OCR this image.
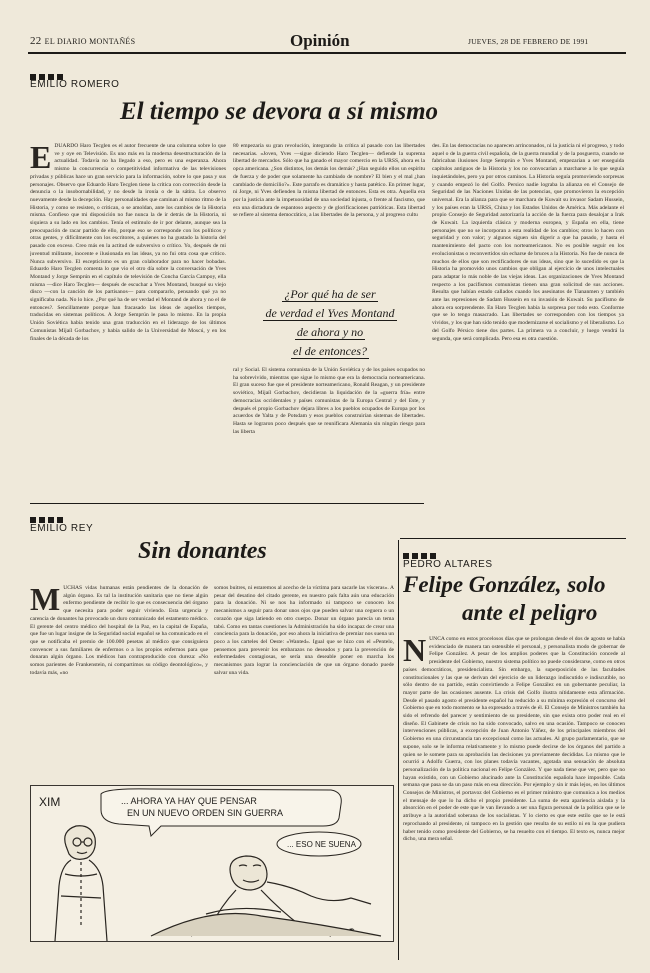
22 EL DIARIO MONTAÑÉS	Opinión	JUEVES, 28 DE FEBRERO DE 1991
EMILIO ROMERO
El tiempo se devora a sí mismo
E DUARDO Haro Tecglen es el autor frecuente de una columna sobre lo que ve y oye en Televisión. Es uno más en la moderna desestructuración de la actualidad. Todavía no ha llegado a eso, pero es una esperanza. Ahora mismo la concurrencia o competitividad informativa de las televisiones privadas y públicas hace un gran servicio para la información, sobre lo que pasa y sus personajes. Observo que Eduardo Haro Tecglen tiene la crítica con corrección desde la denuncia o la insobornabilidad, y no desde la ironía o de la sátira. Lo observo nuevamente desde la decepción. Hay personalidades que caminan al mismo ritmo de la Historia, y como se resisten, o critican, o se amoldan, ante los cambios de la Historia misma. Confieso que mi disposición no fue nunca la de ir detrás de la Historia, ni siquiera a su lado en los cambios. Tenía el estímulo de ir por delante, aunque sea la preocupación de racar partido de ello, porque eso se corresponde con los políticos y otras gentes, y difícilmente con los escritores, a quienes no ha gustado la historia del pasado con exceso. Creo más en la actitud de subversivo o crítico. Yo, después de mi juventud militante, inocente e ilusionada en las ideas, ya no fui otra cosa que crítico. Nunca subversivo. El escepticismo es un gran colaborador para no hacer bobadas. Eduardo Haro Tecglen comenta lo que vio el otro día sobre la conversación de Yves Montand y Jorge Semprún en el capítulo de televisión de Concha García Campoy, ella misma —dice Haro Tecglen— después de escuchar a Yves Montand, busqué su viejo disco —con la canción de los partisanos— para compararlo, pensando qué ya no significaba nada. No lo hice. ¿Por qué ha de ser verdad el Montand de ahora y no el de entonces?. Sencillamente porque han fracasado las ideas de aquellos tiempos, traducidas en sistemas políticos. A Jorge Semprún le pasa lo mismo. En la propia Unión Soviética había tenido una gran traducción en el liderazgo de los últimos Comunistas Mijaíl Gorbachov, y había salido de la Universidad de Moscú, y en los finales de la década de los

80 empezaría su gran revolución, integrando la crítica al pasado con las libertades necesarias. «Joven, Yves —sigue diciendo Haro Tecglen— defiende la suprema libertad de mercados. Sólo que ha ganado el mayor comercio en la URSS, ahora es la opca americana. ¿Son distintos, los demás los demás? ¿Han seguido ellos un espíritu de fuerza y de poder que solamente ha cambiado de nombre? El bien y el mal ¿han cambiado de domicilio?». Este parrafo es dramático y hasta patético. En primer lugar, ni Jorge, ni Yves defienden la misma libertad de entonces. Esta es otra. Aquella era por la justicia ante la impetuosidad de una sociedad injusta, o frente al fascismo, que era una dictadura de espantoso aspecto y de glorificaciones patrióticas. Esta libertad se refiere al sistema democrático, a las libertades de la persona, y al progreso cultu

¿Por qué ha de ser
de verdad el Yves Montand
de ahora y no
el de entonces?

ral y Social. El sistema comunista de la Unión Soviética y de los países ocupados no ha sobrevivido, mientras que sigue lo mismo que era la democracia norteamericana. El gran suceso fue que el presidente norteamericano, Ronald Reagan, y un presidente soviético, Mijaíl Gorbachov, decidieran la liquidación de la «guerra fría» entre democracias occidentales y países comunistas de la Europa Central y del Este, y después el propio Gorbachov dejara libres a los pueblos ocupados de Europa por los acuerdos de Yalta y de Potsdam y esos pueblos construirían sistemas de libertades. Hasta se lograron poco después que se reunificara Alemania sin ningún riesgo para las liberta

des. En las democracias no aparecen arrinconados, ni la justicia ni el progreso, y todo aquel o de la guerra civil española, de la guerra mundial y de la posguerra, cuando se fabricaban ilusiones Jorge Semprún e Yves Montand, empezarían a ser enseguida capítulos antiguos de la Historia y los no convocarían a marcharse a lo que seguía inquietándoles, pero ya por otros caminos. La Historia seguía promoviendo sorpresas y cuando empezó lo del Golfo. Persico nadie lograba la alianza en el Consejo de Seguridad de las Naciones Unidas de las potencias, que promovieron la excepción universal. Era la alianza para que se marchara de Kuwait su invasor Sadam Hussein, y los países eran la URSS, China y los Estados Unidos de América. Más adelante el propio Consejo de Seguridad autorizaría la acción de la fuerza para desalojar a Irak de Kuwait. La izquierda clásica y moderna europea, y España en ella, tiene personajes que no se incorporan a esta realidad de los cambios; otros lo hacen con seguridad y con valor; y algunos siguen sin digerir a que ha pasado, y hasta el mantenimiento del pacto con los norteamericanos. No es posible seguir en los evolucionistas o reconvertidos sin echarse de bruces a la Historia. No fue de nunca de muchos de ellos que son rectificadores de sus ideas, sino que lo sucedido es que la Historia ha promovido unos cambios que obligan al ejercicio de unos intelectuales para adaptar lo más noble de las viejas ideas. Las organizaciones de Yves Montand respecto a los pacifismos comunistas tienen una gran solicitud de sus acciones. Resulta que habían estado callados cuando los asesinatos de Tiananmen y también ante las represiones de Sadam Hussein en su invasión de Kuwait. Su pacifismo de ahora era sorprendente. En Haro Tecglen había la sorpresa por todo esto. Conforme que se lo tengo masacrado. Las libertades se corresponden con los tiempos ya vividos, y los que han sido tenido que modernizarse el socialismo y el liberalismo. Lo del Golfo Pérsico tiene dos partes. La primera va a concluir, y luego vendrá la segunda, que será complicada. Pero esa es otra cuestión.

EMILIO REY
Sin donantes
M UCHAS vidas humanas están pendientes de la donación de algún órgano. Es tal la institución sanitaria que no tiene algún enfermo pendiente de recibir lo que es consecuencia del órgano que necesita para poder seguir viviendo. Esta urgencia y carencia de donantes ha provocado un duro comunicado del estamento médico. El gerente del centro médico del hospital de la Paz, en la capital de España, que fue un lugar insigne de la Seguridad social español se ha comunicado en el que se notificaba el premio de 100.000 pesetas al médico que consiguiera convencer a sus familiares de enfermos o a los propios enfermos para que donaran algún órgano. Los médicos han contraproducido con dureza: «No somos parientes de Frankenstein, ni compartimos su código deontológico», y todavía más, «no

somos buitres, ni estaremos al acecho de la víctima para sacarle las vísceras». A pesar del desatino del citado gerente, en nuestro país falta aún una educación para la donación. Ni se nos ha informado ni tampoco se conocen los mecanismos a seguir para donar unos ojos que pueden salvar una ceguera o un corazón que siga latiendo en otro cuerpo. Donar un órgano parecía un tema tabú. Como en tantas cuestiones la Administración ha sido incapaz de crear una conciencia para la donación, por eso ahora la iniciativa de premiar nos suena un poco a los carteles del Oeste: «Wanted». Igual que se hizo con el «Pentelo, pensemos para prevenir los embarazos no deseados y para la prevención de enfermedades contagiosas, se sería una deseable poner en marcha los mecanismos para lograr la concienciación de que un órgano donado puede salvar una vida.

... AHORA YA HAY QUE PENSAR
EN UN NUEVO ORDEN SIN GUERRA
... ESO NE SUENA
XIM
✒
PEDRO ALTARES
Felipe González, solo
ante el peligro
N UNCA como en estos procelosos días que se prolongan desde el dos de agosto se había evidenciado de manera tan ostensible el personal, y personalista modo de gobernar de Felipe González. A pesar de los amplios poderes que la Constitución concede al presidente del Gobierno, nuestro sistema político no puede considerarse, como en otros países democráticos, presidencialista. Sin embargo, la superposición de las facultades constitucionales y las que se derivan del ejercicio de un liderazgo indiscutido e indiscutible, no sólo dentro de su partido, están convirtiendo a Felipe González en un gobernante peculiar, la mayor parte de las ocasiones ausente. La crisis del Golfo ilustra nítidamente esta afirmación. Desde el pasado agosto el presidente español ha reducido a su mínima expresión el concurso del Gobierno que en todo momento se ha expresado a través de él. El Consejo de Ministros también ha sido el refrendo del parecer y sentimiento de su presidente, sin que exista otro poder real en el diseño. El Gabinete de crisis no ha sido convocado, salvo en una ocasión. Tampoco se conocen intervenciones públicas, a excepción de Juan Antonio Yáñez, de los principales miembros del Gobierno en una circunstancia tan excepcional como las actuales. Al grupo parlamentario, que se supone, solo se le informa relativamente y lo mismo puede decirse de los órganos del partido a quien se le somete para su aprobación las decisiones ya previamente decididas. Lo mismo que le ocurrió a Adolfo Guerra, con los planes todavía vacantes, agotada una sensación de absoluta personalización de la política nacional en Felipe González. Y que nada tiene que ver, pero que no hayan existido, con un Gobierno alucinado ante la Constitución española hace imposible. Cada semana que pasa se da un paso más en esa dirección. Por ejemplo y sin ir más lejos, en los últimos Consejos de Ministros, el portavoz del Gobierno es el primer ministro que comunica a los medios el mensaje de que lo ha dicho el propio presidente. La suma de esta apariencia aislada y la absorción en el poder de este que le van llevando a ser una figura personal de la política que se le atribuye a la autoridad soberana de los socialistas. Y lo cierto es que este estilo que se le está reprochando al presidente, ni tampoco en la gestión que resulta de su estilo ni en la que pudiera haber tenido como presidente del Gobierno, se ha resuelto con el tiempo. El texto es, nunca mejor dicho, una mera señal.
